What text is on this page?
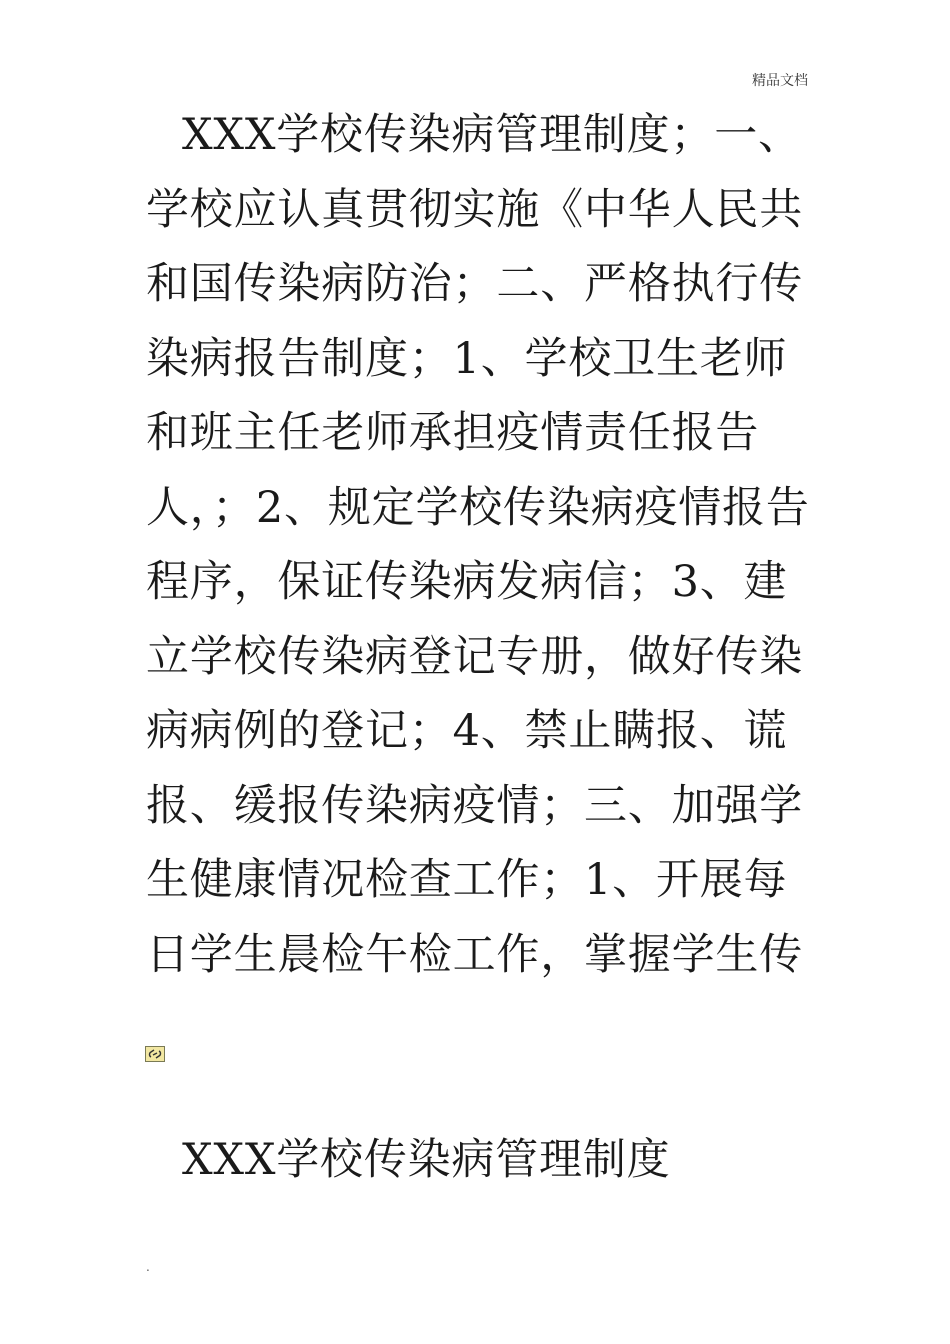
精品文档

XXX学校传染病管理制度；一、学校应认真贯彻实施《中华人民共和国传染病防治；二、严格执行传染病报告制度；1、学校卫生老师和班主任老师承担疫情责任报告人，；2、规定学校传染病疫情报告程序，保证传染病发病信；3、建立学校传染病登记专册，做好传染病病例的登记；4、禁止瞒报、谎报、缓报传染病疫情；三、加强学生健康情况检查工作；1、开展每日学生晨检午检工作，掌握学生传

XXX学校传染病管理制度
.
